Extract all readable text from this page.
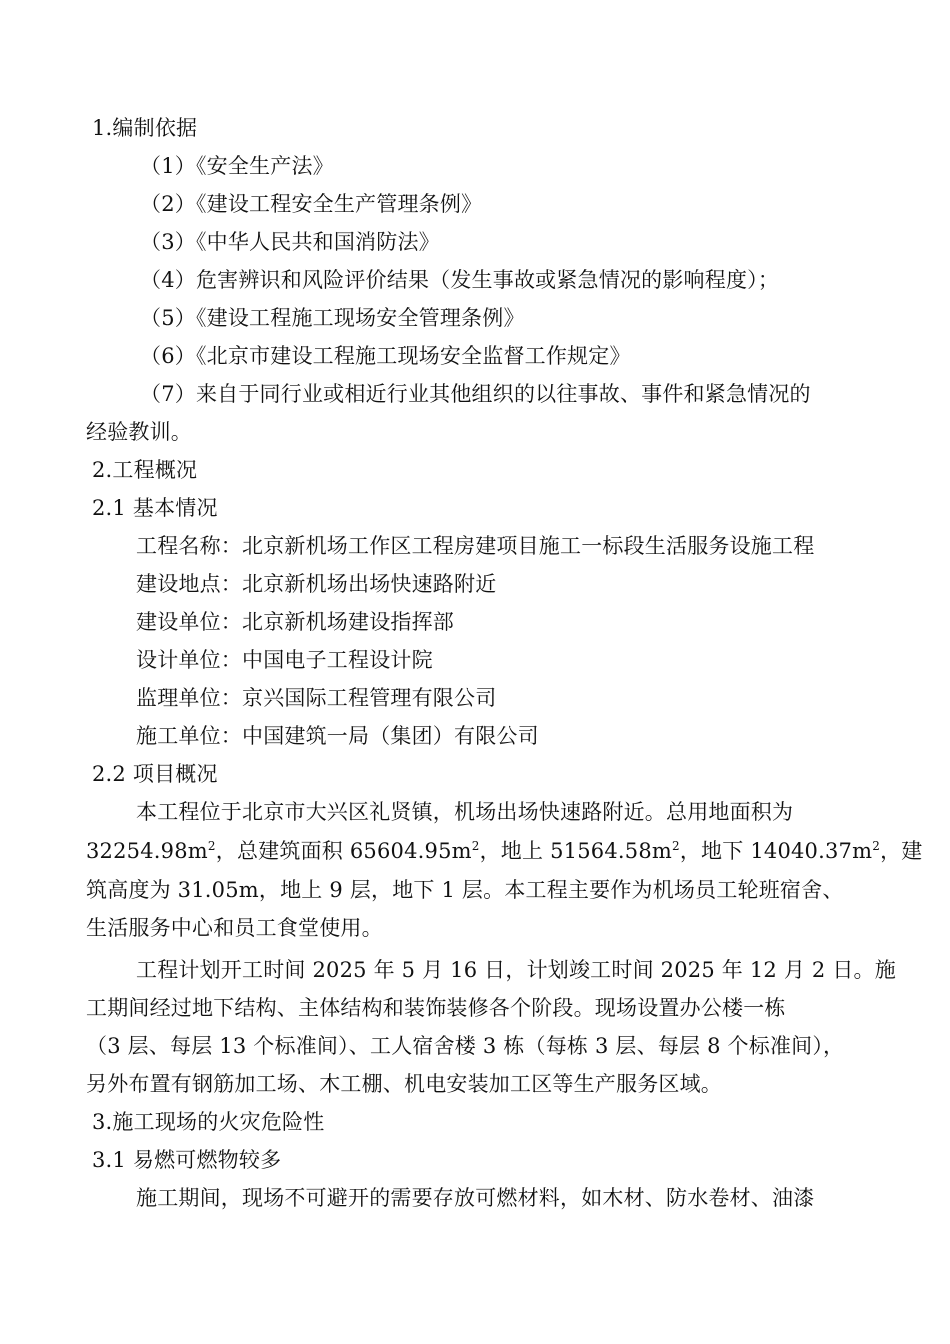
1.编制依据
（1）《安全生产法》
（2）《建设工程安全生产管理条例》
（3）《中华人民共和国消防法》
（4）危害辨识和风险评价结果（发生事故或紧急情况的影响程度）；
（5）《建设工程施工现场安全管理条例》
（6）《北京市建设工程施工现场安全监督工作规定》
（7）来自于同行业或相近行业其他组织的以往事故、事件和紧急情况的
经验教训。
2.工程概况
2.1 基本情况
工程名称：北京新机场工作区工程房建项目施工一标段生活服务设施工程
建设地点：北京新机场出场快速路附近
建设单位：北京新机场建设指挥部
设计单位：中国电子工程设计院
监理单位：京兴国际工程管理有限公司
施工单位：中国建筑一局（集团）有限公司
2.2 项目概况
本工程位于北京市大兴区礼贤镇，机场出场快速路附近。总用地面积为
$32254.98m^2$，总建筑面积 $65604.95m^2$，地上 $51564.58m^2$，地下 $14040.37m^2$，建
筑高度为 31.05m，地上 9 层，地下 1 层。本工程主要作为机场员工轮班宿舍、
生活服务中心和员工食堂使用。
工程计划开工时间 2025 年 5 月 16 日，计划竣工时间 2025 年 12 月 2 日。施
工期间经过地下结构、主体结构和装饰装修各个阶段。现场设置办公楼一栋
（3 层、每层 13 个标准间）、工人宿舍楼 3 栋（每栋 3 层、每层 8 个标准间），
另外布置有钢筋加工场、木工棚、机电安装加工区等生产服务区域。
3.施工现场的火灾危险性
3.1 易燃可燃物较多
施工期间，现场不可避开的需要存放可燃材料，如木材、防水卷材、油漆
